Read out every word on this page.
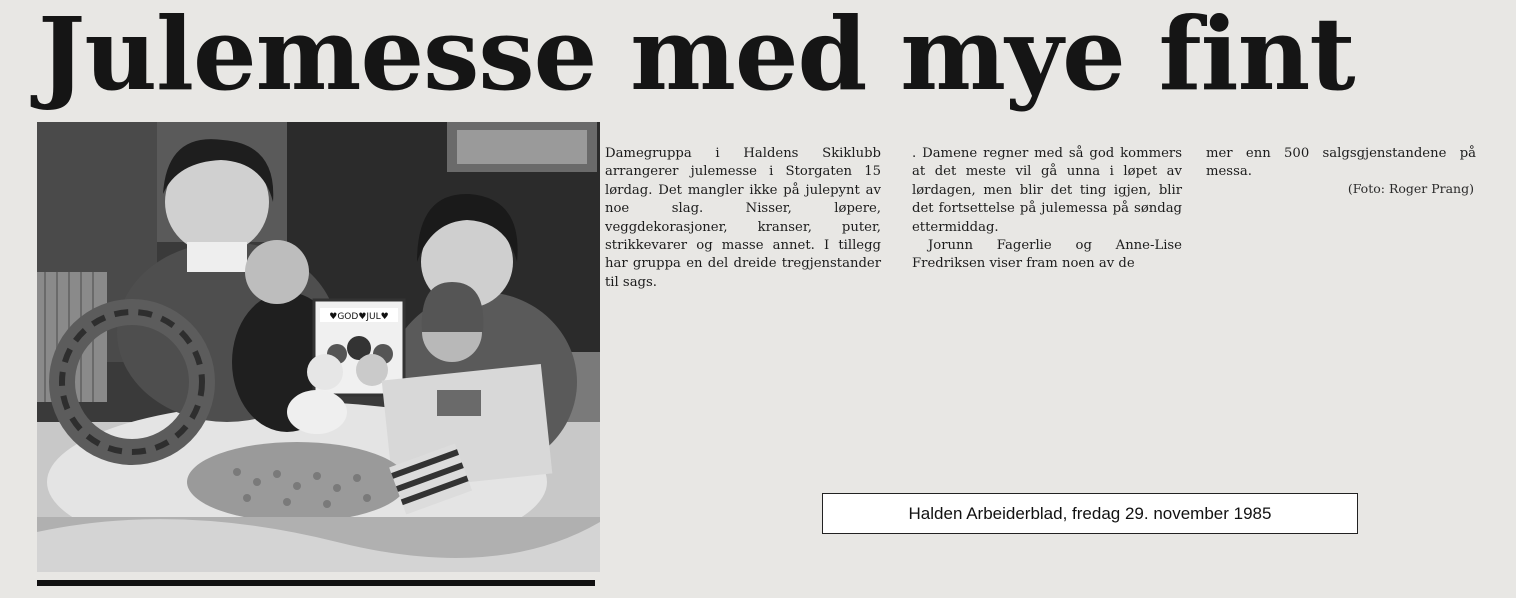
Julemesse med mye fint
♥GOD♥JUL♥

Damegruppa i Haldens Skiklubb arrangerer julemesse i Storgaten 15 lørdag. Det mangler ikke på julepynt av noe slag. Nisser, løpere, veggdekorasjoner, kranser, puter, strikkevarer og masse annet. I tillegg har gruppa en del dreide tregjenstander til sags.

. Damene regner med så god kommers at det meste vil gå unna i løpet av lørdagen, men blir det ting igjen, blir det fortsettelse på julemessa på søndag ettermiddag.

Jorunn Fagerlie og Anne-Lise Fredriksen viser fram noen av de

mer enn 500 salgsgjenstandene på messa.

(Foto: Roger Prang)
Halden Arbeiderblad, fredag 29. november 1985
